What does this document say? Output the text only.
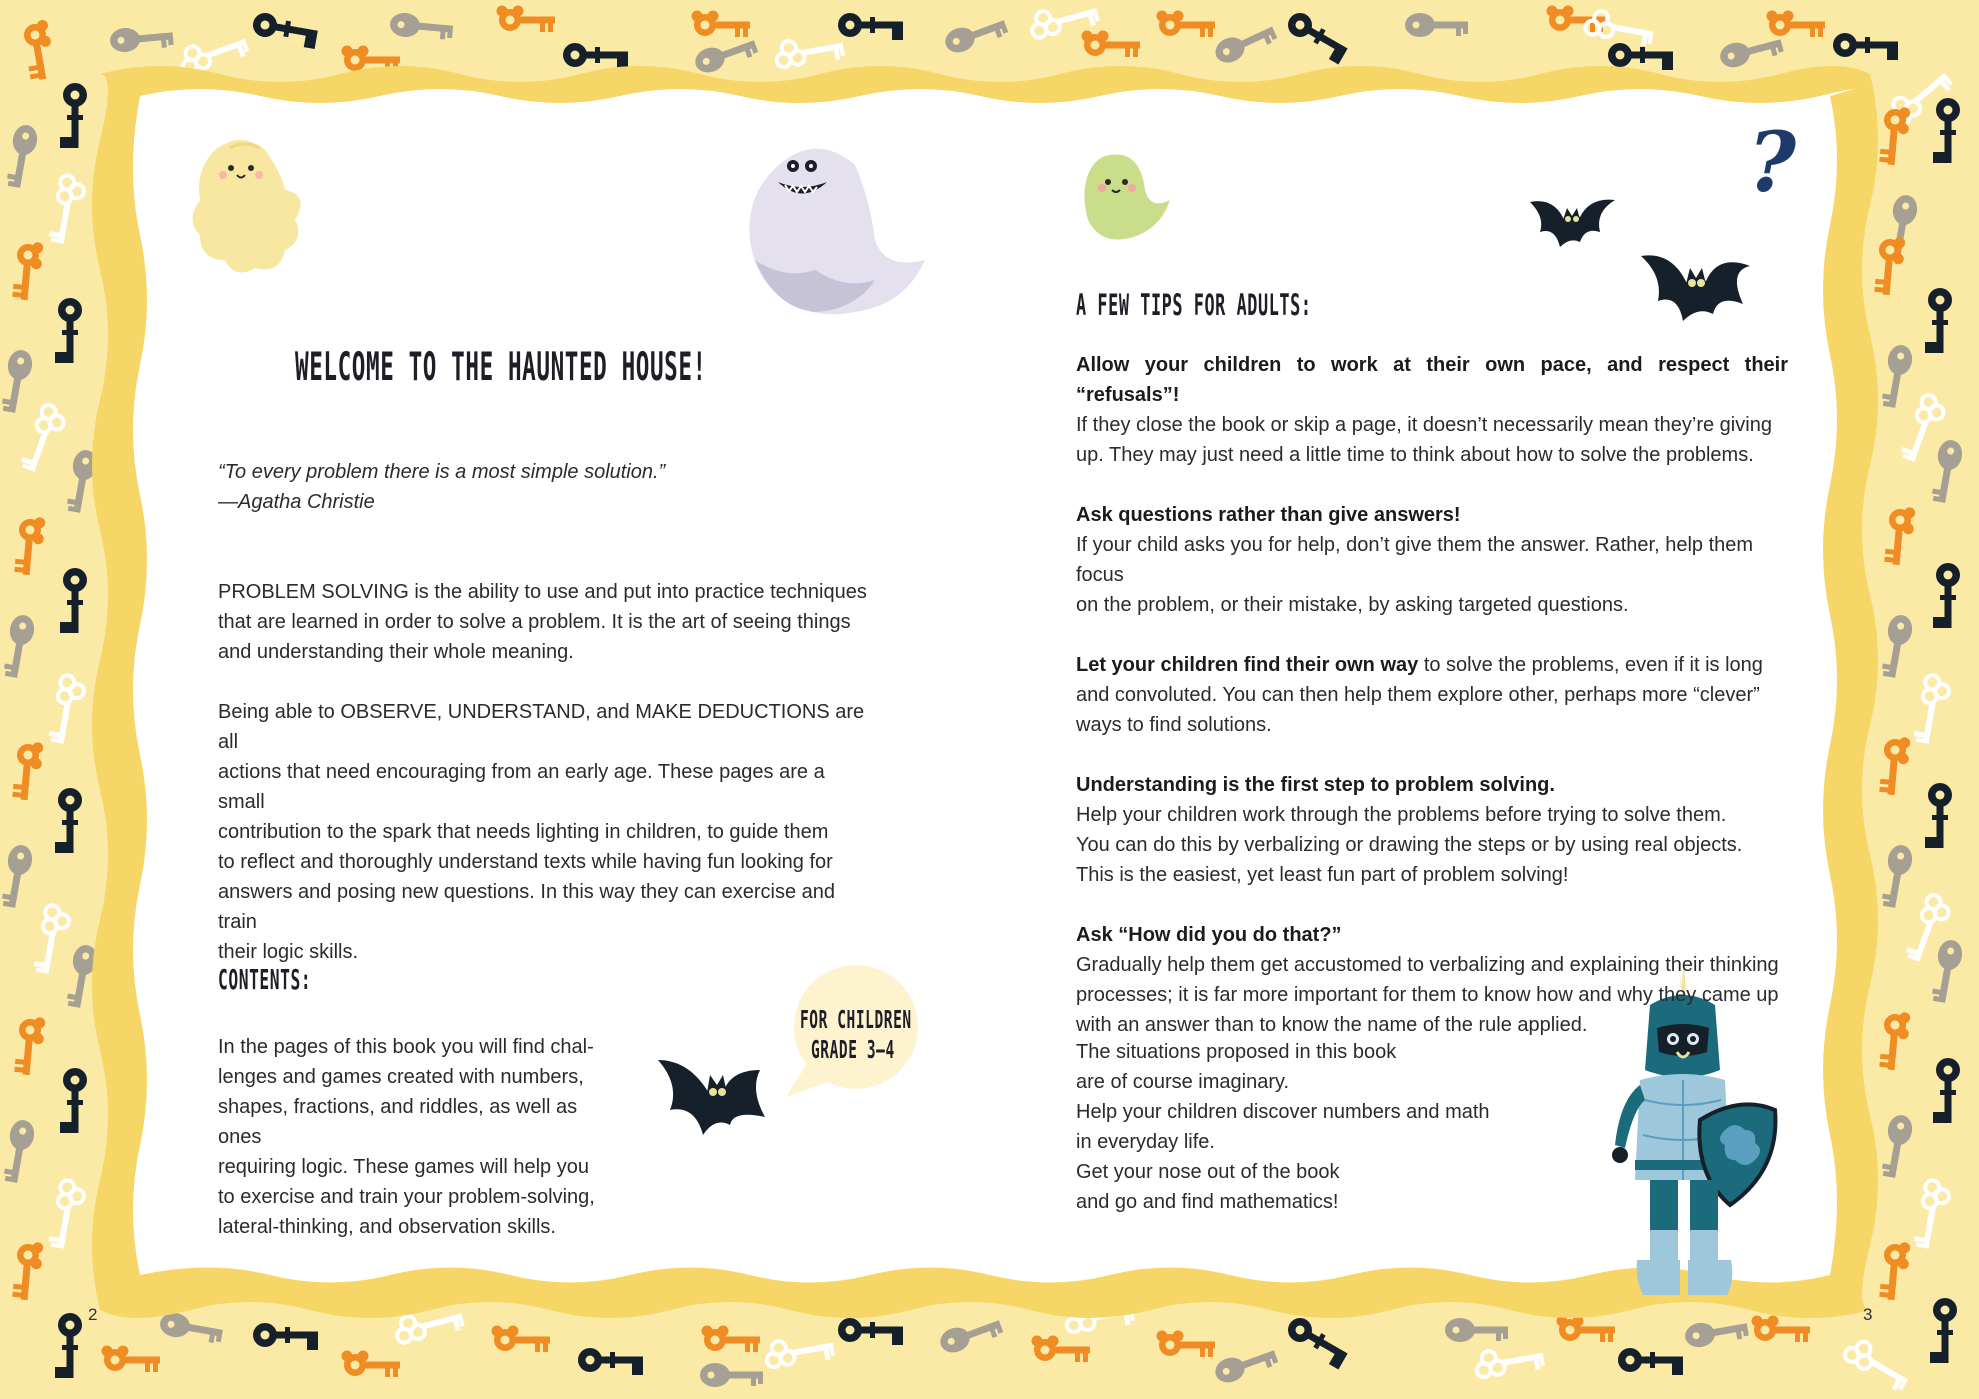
?
WELCOME TO THE HAUNTED HOUSE!

“To every problem there is a most simple solution.”

—Agatha Christie

PROBLEM SOLVING is the ability to use and put into practice techniques
that are learned in order to solve a problem. It is the art of seeing things
and understanding their whole meaning.
Being able to OBSERVE, UNDERSTAND, and MAKE DEDUCTIONS are all
actions that need encouraging from an early age. These pages are a small
contribution to the spark that needs lighting in children, to guide them
to reflect and thoroughly understand texts while having fun looking for
answers and posing new questions. In this way they can exercise and train
their logic skills.
CONTENTS:
In the pages of this book you will find chal-
lenges and games created with numbers,
shapes, fractions, and riddles, as well as ones
requiring logic. These games will help you
to exercise and train your problem-solving,
lateral-thinking, and observation skills.
FOR CHILDREN
GRADE 3–4
2
A FEW TIPS FOR ADULTS:
Allow your children to work at their own pace, and respect their “refusals”!
If they close the book or skip a page, it doesn’t necessarily mean they’re giving
up. They may just need a little time to think about how to solve the problems.
Ask questions rather than give answers!
If your child asks you for help, don’t give them the answer. Rather, help them focus
on the problem, or their mistake, by asking targeted questions.
Let your children find their own way to solve the problems, even if it is long
and convoluted. You can then help them explore other, perhaps more “clever”
ways to find solutions.
Understanding is the first step to problem solving.
Help your children work through the problems before trying to solve them.
You can do this by verbalizing or drawing the steps or by using real objects.
This is the easiest, yet least fun part of problem solving!
Ask “How did you do that?”
Gradually help them get accustomed to verbalizing and explaining their thinking
processes; it is far more important for them to know how and why they came up
with an answer than to know the name of the rule applied.
The situations proposed in this book
are of course imaginary.
Help your children discover numbers and math
in everyday life.
Get your nose out of the book
and go and find mathematics!
3
